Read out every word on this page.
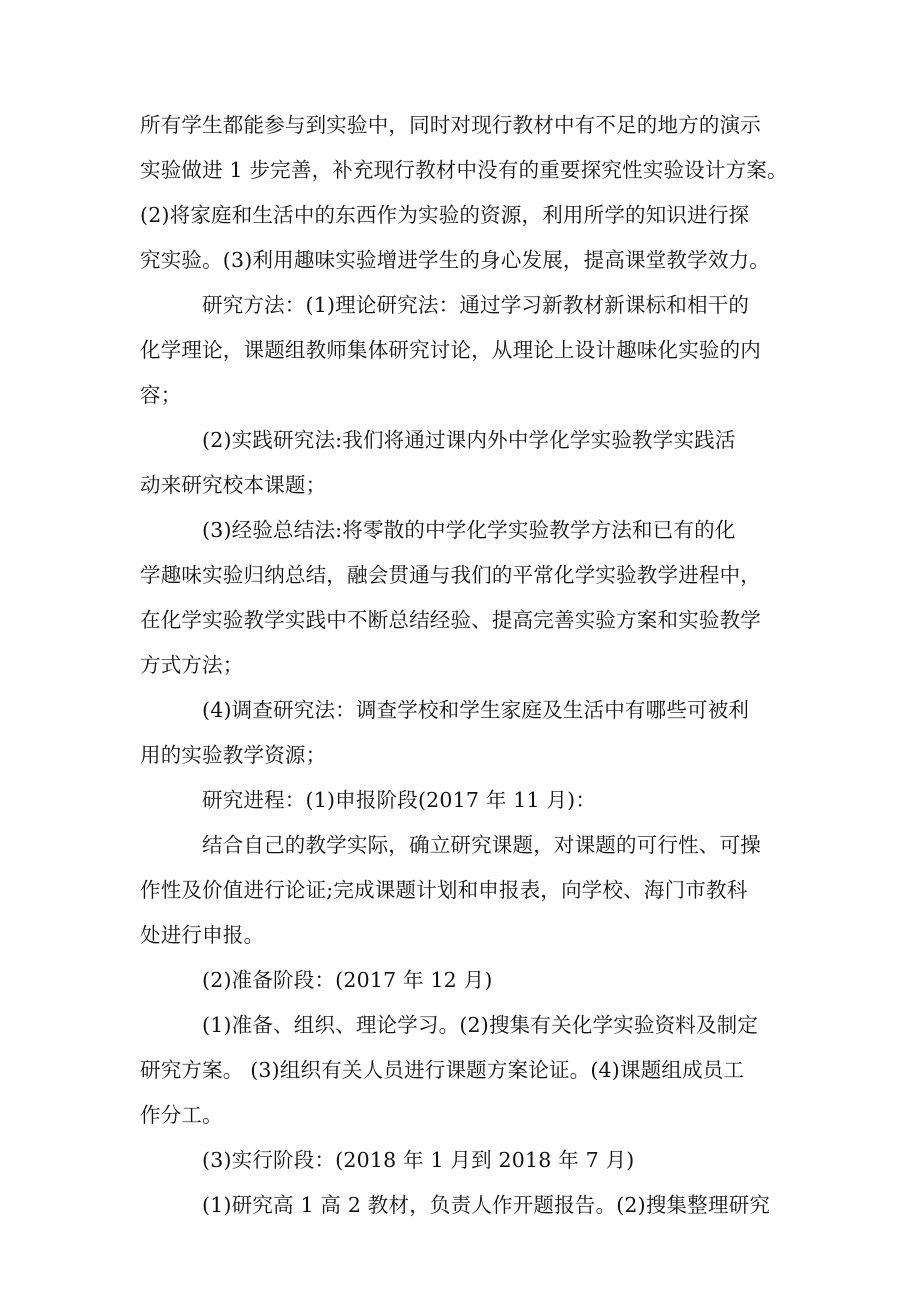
所有学生都能参与到实验中，同时对现行教材中有不足的地方的演示
实验做进 1 步完善，补充现行教材中没有的重要探究性实验设计方案。
(2)将家庭和生活中的东西作为实验的资源，利用所学的知识进行探
究实验。(3)利用趣味实验增进学生的身心发展，提高课堂教学效力。
研究方法：(1)理论研究法：通过学习新教材新课标和相干的
化学理论，课题组教师集体研究讨论，从理论上设计趣味化实验的内
容；
(2)实践研究法:我们将通过课内外中学化学实验教学实践活
动来研究校本课题；
(3)经验总结法:将零散的中学化学实验教学方法和已有的化
学趣味实验归纳总结，融会贯通与我们的平常化学实验教学进程中，
在化学实验教学实践中不断总结经验、提高完善实验方案和实验教学
方式方法；
(4)调查研究法：调查学校和学生家庭及生活中有哪些可被利
用的实验教学资源；
研究进程：(1)申报阶段(2017 年 11 月)：
结合自己的教学实际，确立研究课题，对课题的可行性、可操
作性及价值进行论证;完成课题计划和申报表，向学校、海门市教科
处进行申报。
(2)准备阶段：(2017 年 12 月)
(1)准备、组织、理论学习。(2)搜集有关化学实验资料及制定
研究方案。 (3)组织有关人员进行课题方案论证。(4)课题组成员工
作分工。
(3)实行阶段：(2018 年 1 月到 2018 年 7 月)
(1)研究高 1 高 2 教材，负责人作开题报告。(2)搜集整理研究
